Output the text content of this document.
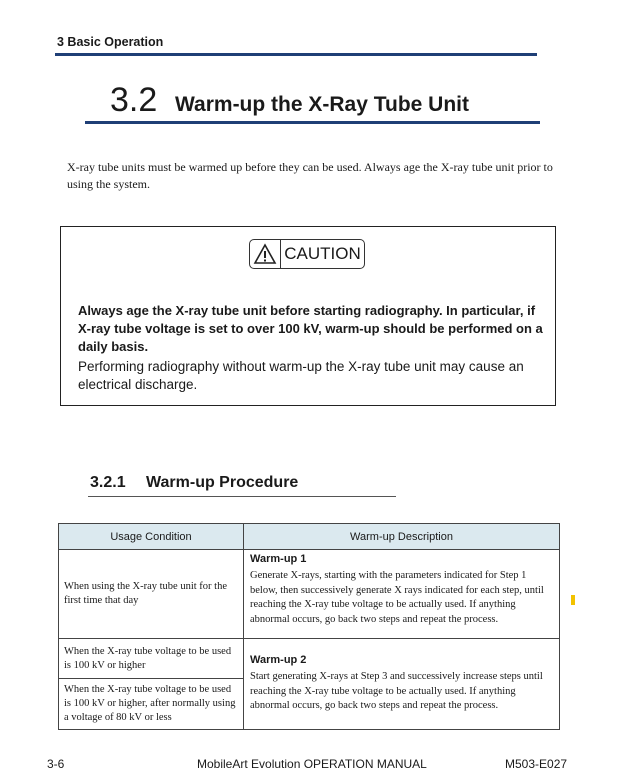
3 Basic Operation
3.2 Warm-up the X-Ray Tube Unit
X-ray tube units must be warmed up before they can be used. Always age the X-ray tube unit prior to using the system.
CAUTION
Always age the X-ray tube unit before starting radiography. In particular, if X-ray tube voltage is set to over 100 kV, warm-up should be performed on a daily basis.
Performing radiography without warm-up the X-ray tube unit may cause an electrical discharge.
3.2.1 Warm-up Procedure
Usage Condition	Warm-up Description
When using the X-ray tube unit for the first time that day	Warm-up 1
Generate X-rays, starting with the parameters indicated for Step 1 below, then successively generate X rays indicated for each step, until reaching the X-ray tube voltage to be actually used. If anything abnormal occurs, go back two steps and repeat the process.

When the X-ray tube voltage to be used is 100 kV or higher	Warm-up 2
Start generating X-rays at Step 3 and successively increase steps until reaching the X-ray tube voltage to be actually used. If anything abnormal occurs, go back two steps and repeat the process.

When the X-ray tube voltage to be used is 100 kV or higher, after normally using a voltage of 80 kV or less	
3-6	MobileArt Evolution OPERATION MANUAL	M503-E027
